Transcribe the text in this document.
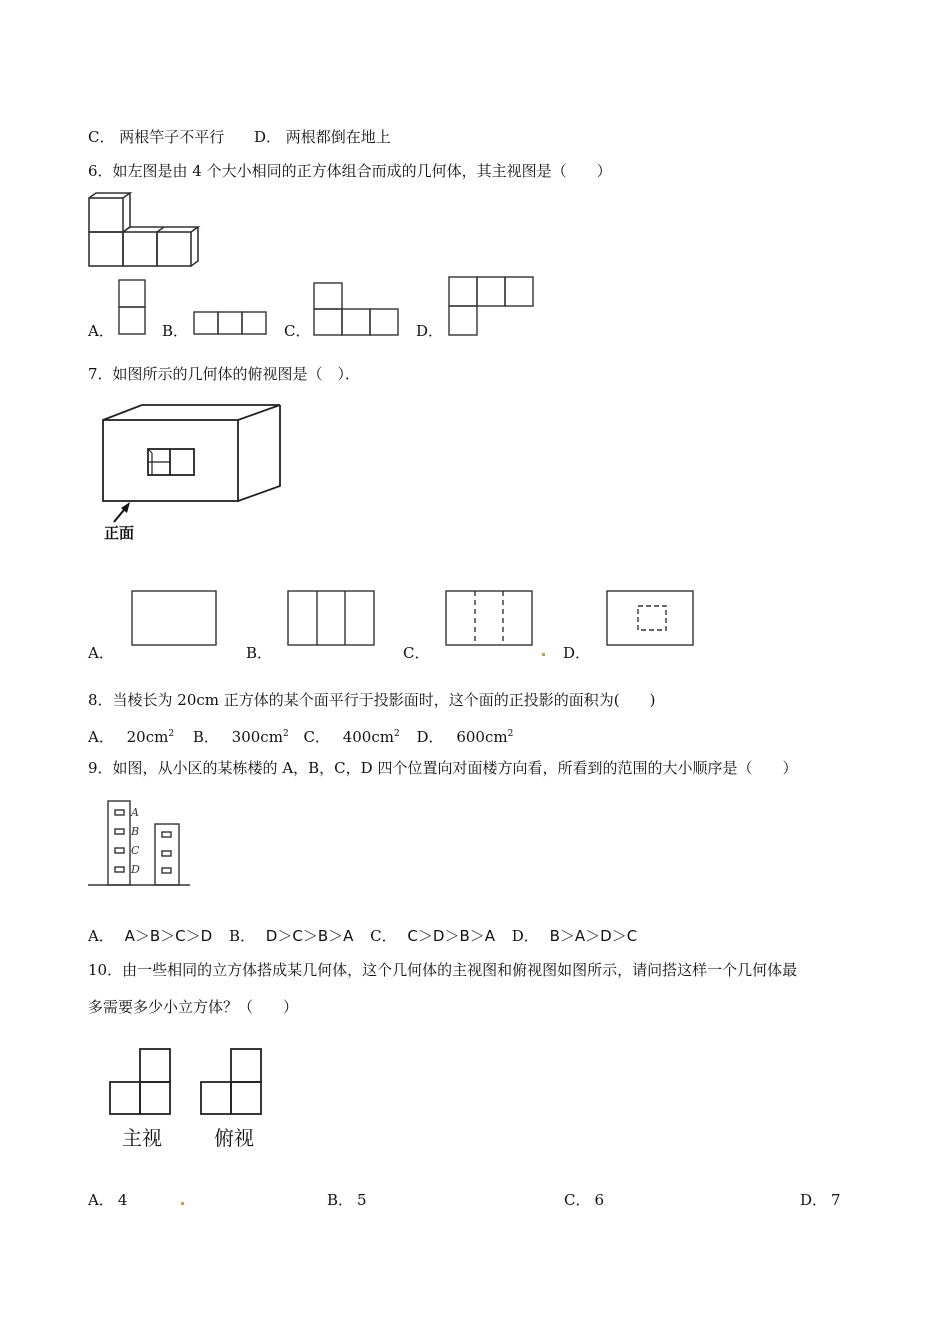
C． 两根竿子不平行 D． 两根都倒在地上
6．如左图是由 4 个大小相同的正方体组合而成的几何体，其主视图是（　　）
A．	B．	C．	D．
7．如图所示的几何体的俯视图是（　）．
正面
A．	B．	C．	D．
8．当棱长为 20cm 正方体的某个面平行于投影面时，这个面的正投影的面积为(　　)
A． $20cm^2$ B． $300cm^2$ C． $400cm^2$ D． $600cm^2$
9．如图，从小区的某栋楼的 A，B，C，D 四个位置向对面楼方向看，所看到的范围的大小顺序是（　　）
A
B
C
D
A． A＞B＞C＞D B． D＞C＞B＞A C． C＞D＞B＞A D． B＞A＞D＞C
10．由一些相同的立方体搭成某几何体，这个几何体的主视图和俯视图如图所示，请问搭这样一个几何体最
多需要多少小立方体？（　　）
主视	俯视
A． 4	B． 5	C． 6	D． 7
